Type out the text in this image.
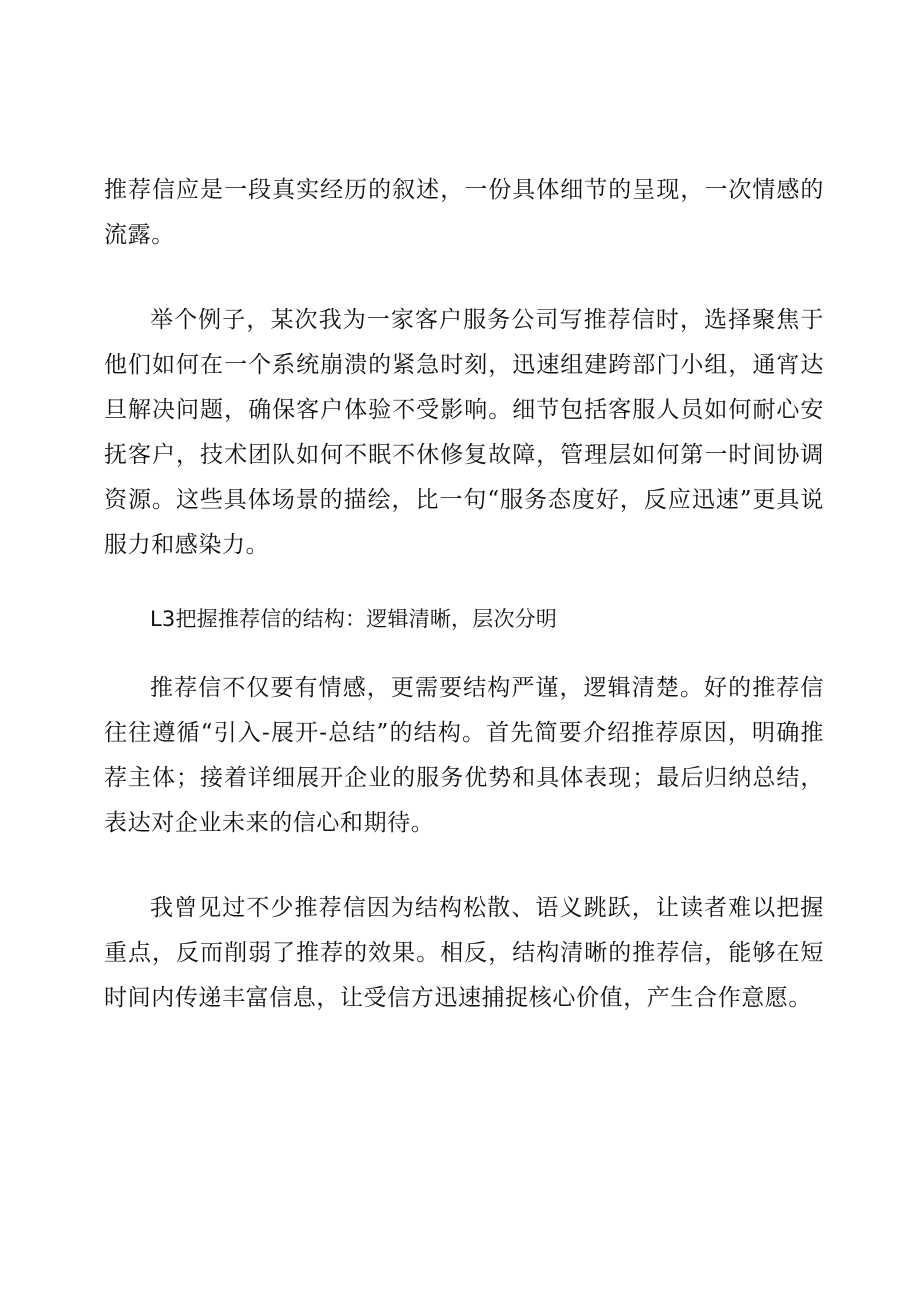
推荐信应是一段真实经历的叙述，一份具体细节的呈现，一次情感的流露。

举个例子，某次我为一家客户服务公司写推荐信时，选择聚焦于他们如何在一个系统崩溃的紧急时刻，迅速组建跨部门小组，通宵达旦解决问题，确保客户体验不受影响。细节包括客服人员如何耐心安抚客户，技术团队如何不眠不休修复故障，管理层如何第一时间协调资源。这些具体场景的描绘，比一句“服务态度好，反应迅速”更具说服力和感染力。

L3把握推荐信的结构：逻辑清晰，层次分明

推荐信不仅要有情感，更需要结构严谨，逻辑清楚。好的推荐信往往遵循“引入-展开-总结”的结构。首先简要介绍推荐原因，明确推荐主体；接着详细展开企业的服务优势和具体表现；最后归纳总结，表达对企业未来的信心和期待。

我曾见过不少推荐信因为结构松散、语义跳跃，让读者难以把握重点，反而削弱了推荐的效果。相反，结构清晰的推荐信，能够在短时间内传递丰富信息，让受信方迅速捕捉核心价值，产生合作意愿。
